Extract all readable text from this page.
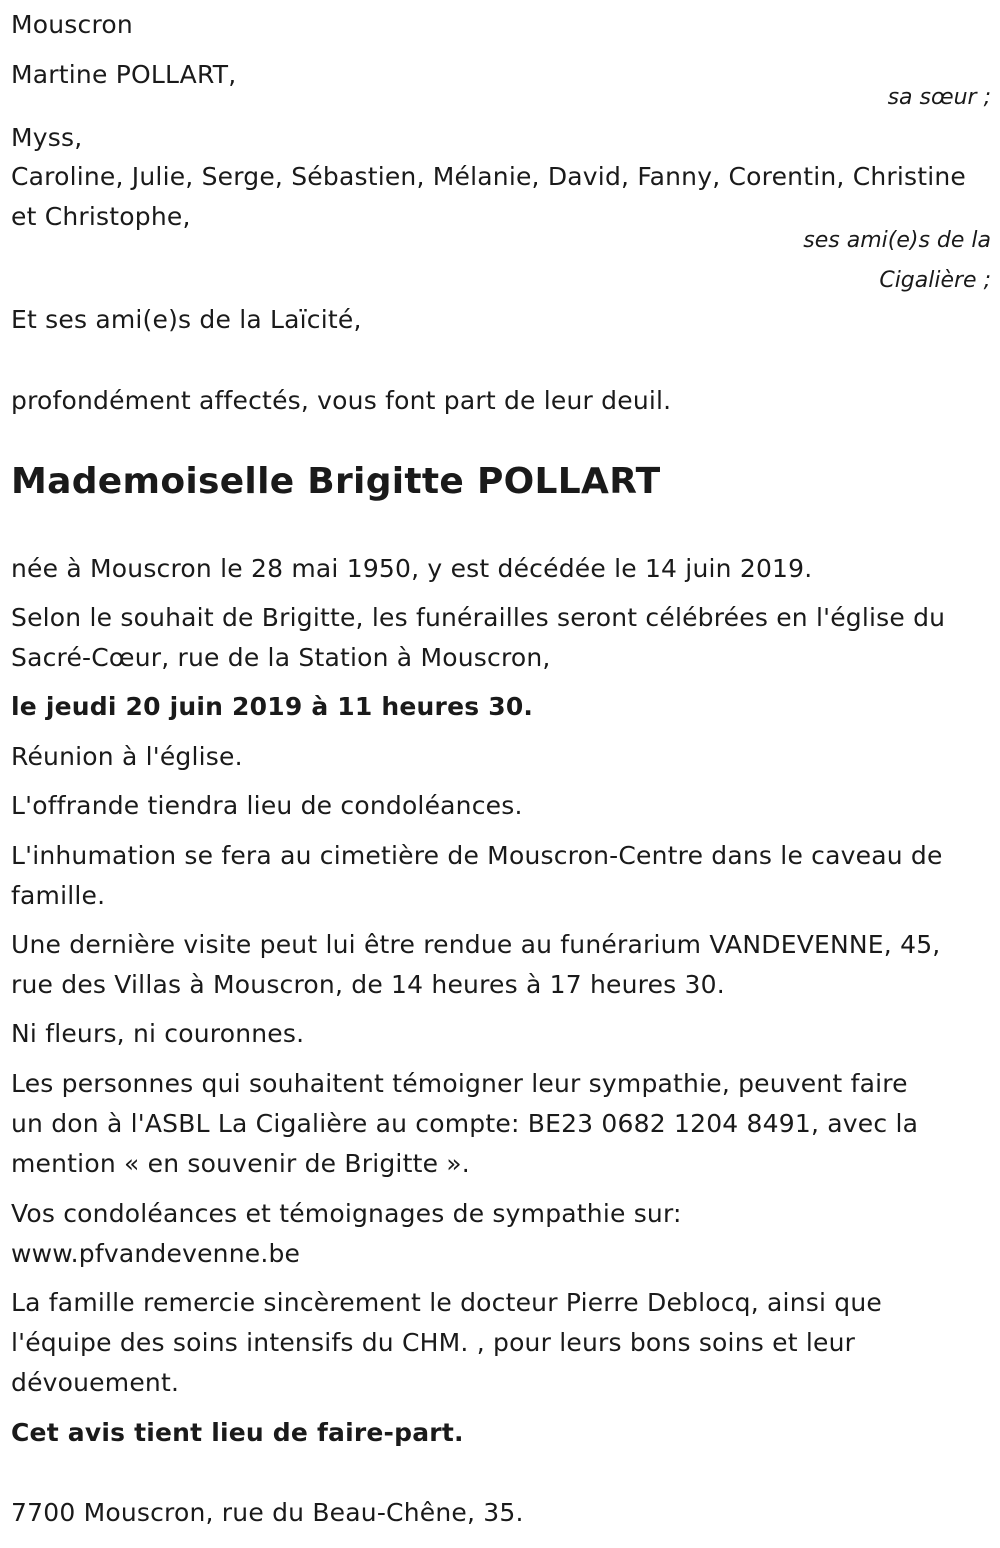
Mouscron
Martine POLLART,
sa sœur ;
Myss,
Caroline, Julie, Serge, Sébastien, Mélanie, David, Fanny, Corentin, Christine
et Christophe,
ses ami(e)s de la
Cigalière ;
Et ses ami(e)s de la Laïcité,
profondément affectés, vous font part de leur deuil.
Mademoiselle Brigitte POLLART
née à Mouscron le 28 mai 1950, y est décédée le 14 juin 2019.
Selon le souhait de Brigitte, les funérailles seront célébrées en l'église du
Sacré-Cœur, rue de la Station à Mouscron,
le jeudi 20 juin 2019 à 11 heures 30.
Réunion à l'église.
L'offrande tiendra lieu de condoléances.
L'inhumation se fera au cimetière de Mouscron-Centre dans le caveau de
famille.
Une dernière visite peut lui être rendue au funérarium VANDEVENNE, 45,
rue des Villas à Mouscron, de 14 heures à 17 heures 30.
Ni fleurs, ni couronnes.
Les personnes qui souhaitent témoigner leur sympathie, peuvent faire
un don à l'ASBL La Cigalière au compte: BE23 0682 1204 8491, avec la
mention « en souvenir de Brigitte ».
Vos condoléances et témoignages de sympathie sur:
www.pfvandevenne.be
La famille remercie sincèrement le docteur Pierre Deblocq, ainsi que
l'équipe des soins intensifs du CHM. , pour leurs bons soins et leur
dévouement.
Cet avis tient lieu de faire-part.
7700 Mouscron, rue du Beau-Chêne, 35.
